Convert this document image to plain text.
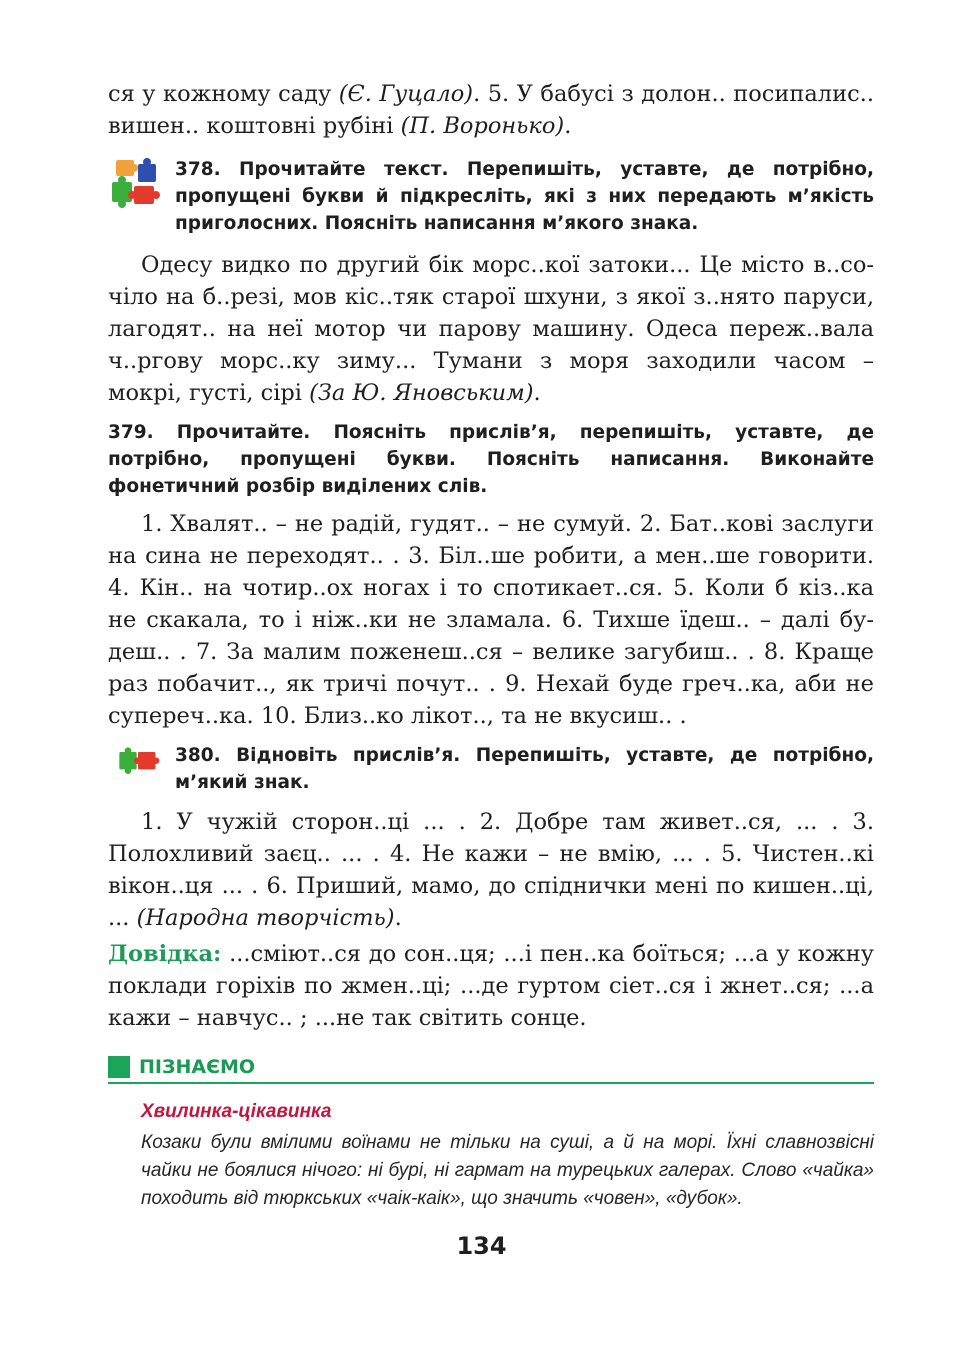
ся у кожному саду (Є. Гуцало). 5. У бабусі з долон.. посипалис.. вишен.. коштовні рубіні (П. Воронько).

378. Прочитайте текст. Перепишіть, уставте, де потрібно, пропущені букви й підкресліть, які з них передають м’якість приголосних. Поясніть написання м’якого знака.

Одесу видко по другий бік морс..кої затоки... Це місто в..сочіло на б..резі, мов кіс..тяк старої шхуни, з якої з..нято паруси, лагодят.. на неї мотор чи парову машину. Одеса переж..вала ч..ргову морс..ку зиму... Тумани з моря заходили часом – мокрі, густі, сірі (За Ю. Яновським).

379. Прочитайте. Поясніть прислів’я, перепишіть, уставте, де потрібно, пропущені букви. Поясніть написання. Виконайте фонетичний розбір виділених слів.

1. Хвалят.. – не радій, гудят.. – не сумуй. 2. Бат..кові заслуги на сина не переходят.. . 3. Біл..ше робити, а мен..ше говорити. 4. Кін.. на чотир..ох ногах і то спотикает..ся. 5. Коли б кіз..ка не скакала, то і ніж..ки не зламала. 6. Тихше їдеш.. – далі будеш.. . 7. За малим поженеш..ся – велике загубиш.. . 8. Краще раз побачит.., як тричі почут.. . 9. Нехай буде греч..ка, аби не супереч..ка. 10. Близ..ко лікот.., та не вкусиш.. .

380. Відновіть прислів’я. Перепишіть, уставте, де потрібно, м’який знак.

1. У чужій сторон..ці ... . 2. Добре там живет..ся, ... . 3. Полохливий заєц.. ... . 4. Не кажи – не вмію, ... . 5. Чистен..кі вікон..ця ... . 6. Приший, мамо, до спіднички мені по кишен..ці, ... (Народна творчість).

Довідка: ...сміют..ся до сон..ця; ...і пен..ка боїться; ...а у кожну поклади горіхів по жмен..ці; ...де гуртом сіет..ся і жнет..ся; ...а кажи – навчус.. ; ...не так світить сонце.

ПІЗНАЄМО
Хвилинка-цікавинка
Козаки були вмілими воїнами не тільки на суші, а й на морі. Їхні славнозвісні чайки не боялися нічого: ні бурі, ні гармат на турецьких галерах. Слово «чайка» походить від тюркських «чаік-каік», що значить «човен», «дубок».
134
